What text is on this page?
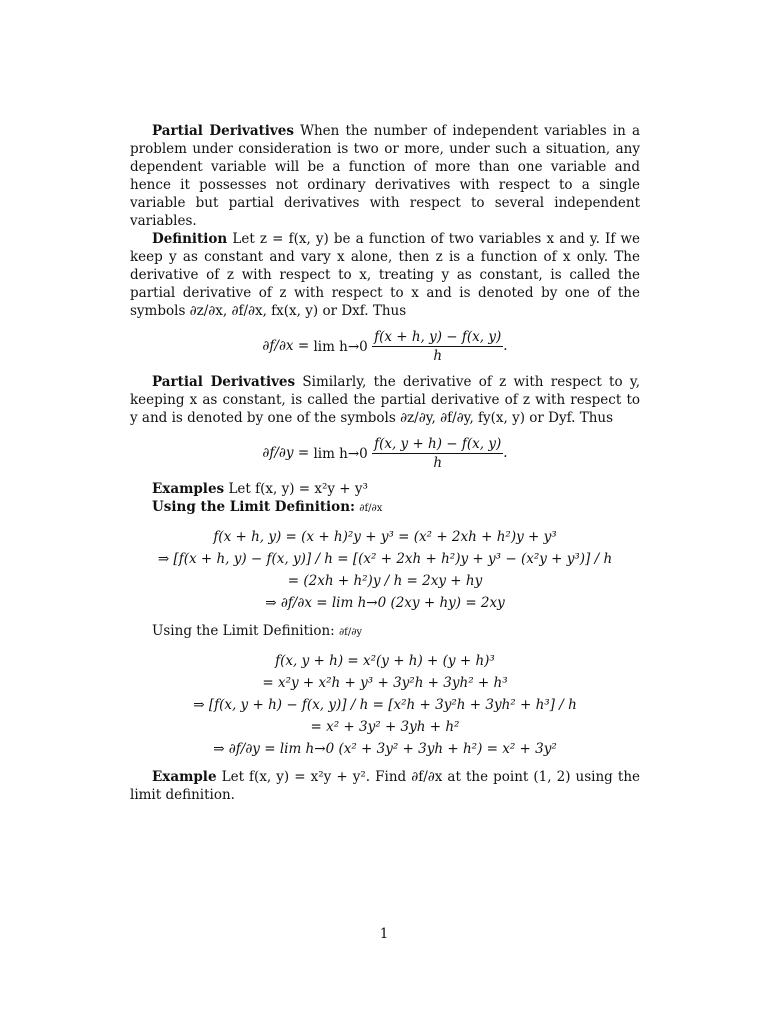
Partial Derivatives When the number of independent variables in a problem under consideration is two or more, under such a situation, any dependent variable will be a function of more than one variable and hence it possesses not ordinary derivatives with respect to a single variable but partial derivatives with respect to several independent variables.

Definition Let z = f(x, y) be a function of two variables x and y. If we keep y as constant and vary x alone, then z is a function of x only. The derivative of z with respect to x, treating y as constant, is called the partial derivative of z with respect to x and is denoted by one of the symbols ∂z/∂x, ∂f/∂x, fx(x, y) or Dxf. Thus

$\partial f/\partial x = \lim h\to 0 \frac{f(x + h, y) - f(x, y)}{h}$ .

Partial Derivatives Similarly, the derivative of z with respect to y, keeping x as constant, is called the partial derivative of z with respect to y and is denoted by one of the symbols ∂z/∂y, ∂f/∂y, fy(x, y) or Dyf. Thus

$\partial f/\partial y = \lim h\to 0 \frac{f(x, y + h) - f(x, y)}{h}$ .

Examples Let f(x, y) = x²y + y³

Using the Limit Definition: ∂f/∂x

f(x + h, y) = (x + h)²y + y³ = (x² + 2xh + h²)y + y³
⇒ [f(x + h, y) − f(x, y)] / h = [(x² + 2xh + h²)y + y³ − (x²y + y³)] / h
= (2xh + h²)y / h = 2xy + hy
⇒ ∂f/∂x = lim h→0 (2xy + hy) = 2xy

Using the Limit Definition: ∂f/∂y

f(x, y + h) = x²(y + h) + (y + h)³
= x²y + x²h + y³ + 3y²h + 3yh² + h³
⇒ [f(x, y + h) − f(x, y)] / h = [x²h + 3y²h + 3yh² + h³] / h
= x² + 3y² + 3yh + h²
⇒ ∂f/∂y = lim h→0 (x² + 3y² + 3yh + h²) = x² + 3y²

Example Let f(x, y) = x²y + y². Find ∂f/∂x at the point (1, 2) using the limit definition.

1
